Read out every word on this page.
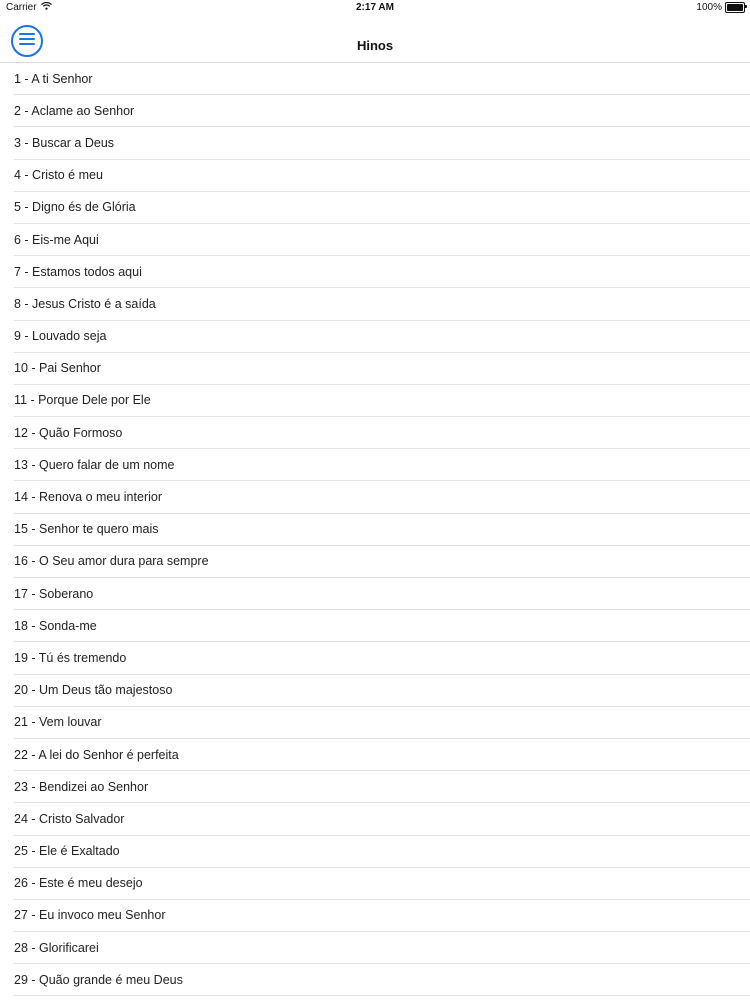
Carrier	2:17 AM	100%
Hinos
1 - A ti Senhor
2 - Aclame ao Senhor
3 - Buscar a Deus
4 - Cristo é meu
5 - Digno és de Glória
6 - Eis-me Aqui
7 - Estamos todos aqui
8 - Jesus Cristo é a saída
9 - Louvado seja
10 - Pai Senhor
11 - Porque Dele por Ele
12 - Quão Formoso
13 - Quero falar de um nome
14 - Renova o meu interior
15 - Senhor te quero mais
16 - O Seu amor dura para sempre
17 - Soberano
18 - Sonda-me
19 - Tú és tremendo
20 - Um Deus tão majestoso
21 - Vem louvar
22 - A lei do Senhor é perfeita
23 - Bendizei ao Senhor
24 - Cristo Salvador
25 - Ele é Exaltado
26 - Este é meu desejo
27 - Eu invoco meu Senhor
28 - Glorificarei
29 - Quão grande é meu Deus
